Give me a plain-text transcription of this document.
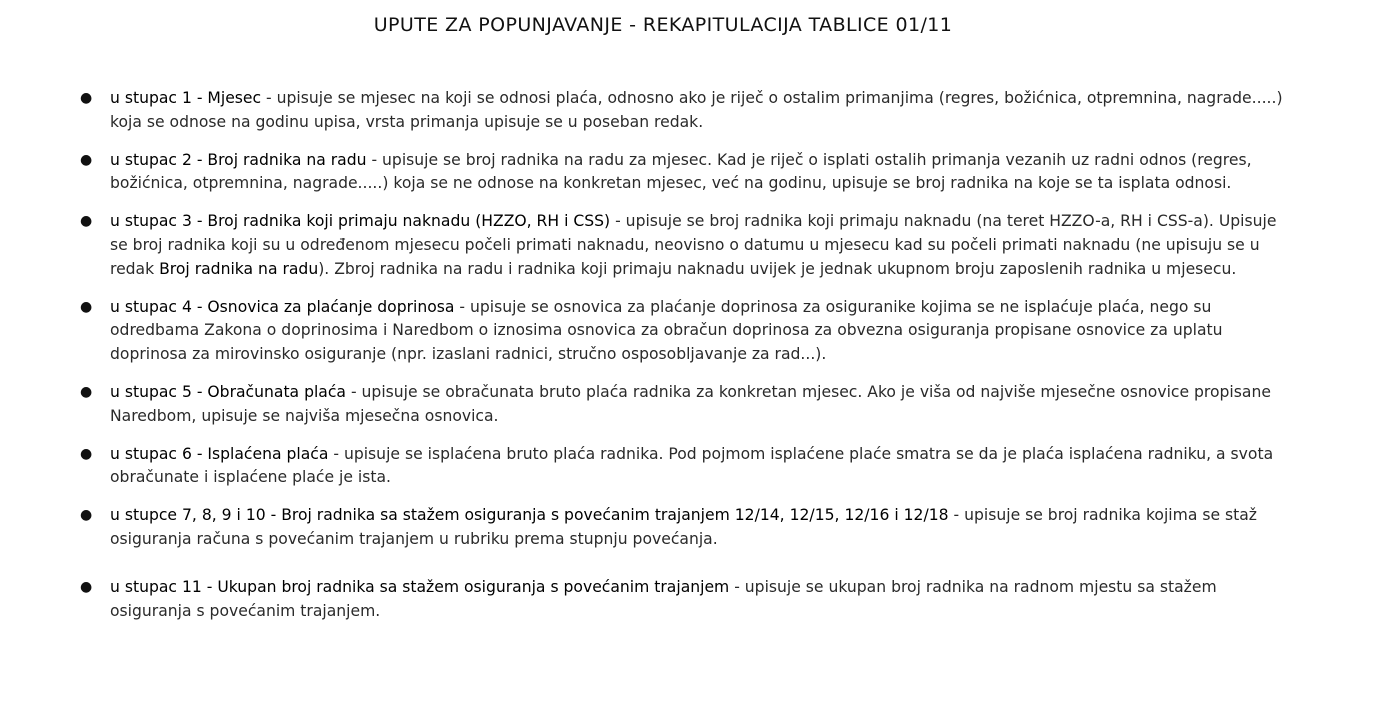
UPUTE ZA POPUNJAVANJE - REKAPITULACIJA TABLICE 01/11
● u stupac 1 - Mjesec - upisuje se mjesec na koji se odnosi plaća, odnosno ako je riječ o ostalim primanjima (regres, božićnica, otpremnina, nagrade.....) koja se odnose na godinu upisa, vrsta primanja upisuje se u poseban redak.
● u stupac 2 - Broj radnika na radu - upisuje se broj radnika na radu za mjesec. Kad je riječ o isplati ostalih primanja vezanih uz radni odnos (regres, božićnica, otpremnina, nagrade.....) koja se ne odnose na konkretan mjesec, već na godinu, upisuje se broj radnika na koje se ta isplata odnosi.
● u stupac 3 - Broj radnika koji primaju naknadu (HZZO, RH i CSS) - upisuje se broj radnika koji primaju naknadu (na teret HZZO-a, RH i CSS-a). Upisuje se broj radnika koji su u određenom mjesecu počeli primati naknadu, neovisno o datumu u mjesecu kad su počeli primati naknadu (ne upisuju se u redak Broj radnika na radu). Zbroj radnika na radu i radnika koji primaju naknadu uvijek je jednak ukupnom broju zaposlenih radnika u mjesecu.
● u stupac 4 - Osnovica za plaćanje doprinosa - upisuje se osnovica za plaćanje doprinosa za osiguranike kojima se ne isplaćuje plaća, nego su odredbama Zakona o doprinosima i Naredbom o iznosima osnovica za obračun doprinosa za obvezna osiguranja propisane osnovice za uplatu doprinosa za mirovinsko osiguranje (npr. izaslani radnici, stručno osposobljavanje za rad...).
● u stupac 5 - Obračunata plaća - upisuje se obračunata bruto plaća radnika za konkretan mjesec. Ako je viša od najviše mjesečne osnovice propisane Naredbom, upisuje se najviša mjesečna osnovica.
● u stupac 6 - Isplaćena plaća - upisuje se isplaćena bruto plaća radnika. Pod pojmom isplaćene plaće smatra se da je plaća isplaćena radniku, a svota obračunate i isplaćene plaće je ista.
● u stupce 7, 8, 9 i 10 - Broj radnika sa stažem osiguranja s povećanim trajanjem 12/14, 12/15, 12/16 i 12/18 - upisuje se broj radnika kojima se staž osiguranja računa s povećanim trajanjem u rubriku prema stupnju povećanja.
● u stupac 11 - Ukupan broj radnika sa stažem osiguranja s povećanim trajanjem - upisuje se ukupan broj radnika na radnom mjestu sa stažem osiguranja s povećanim trajanjem.
